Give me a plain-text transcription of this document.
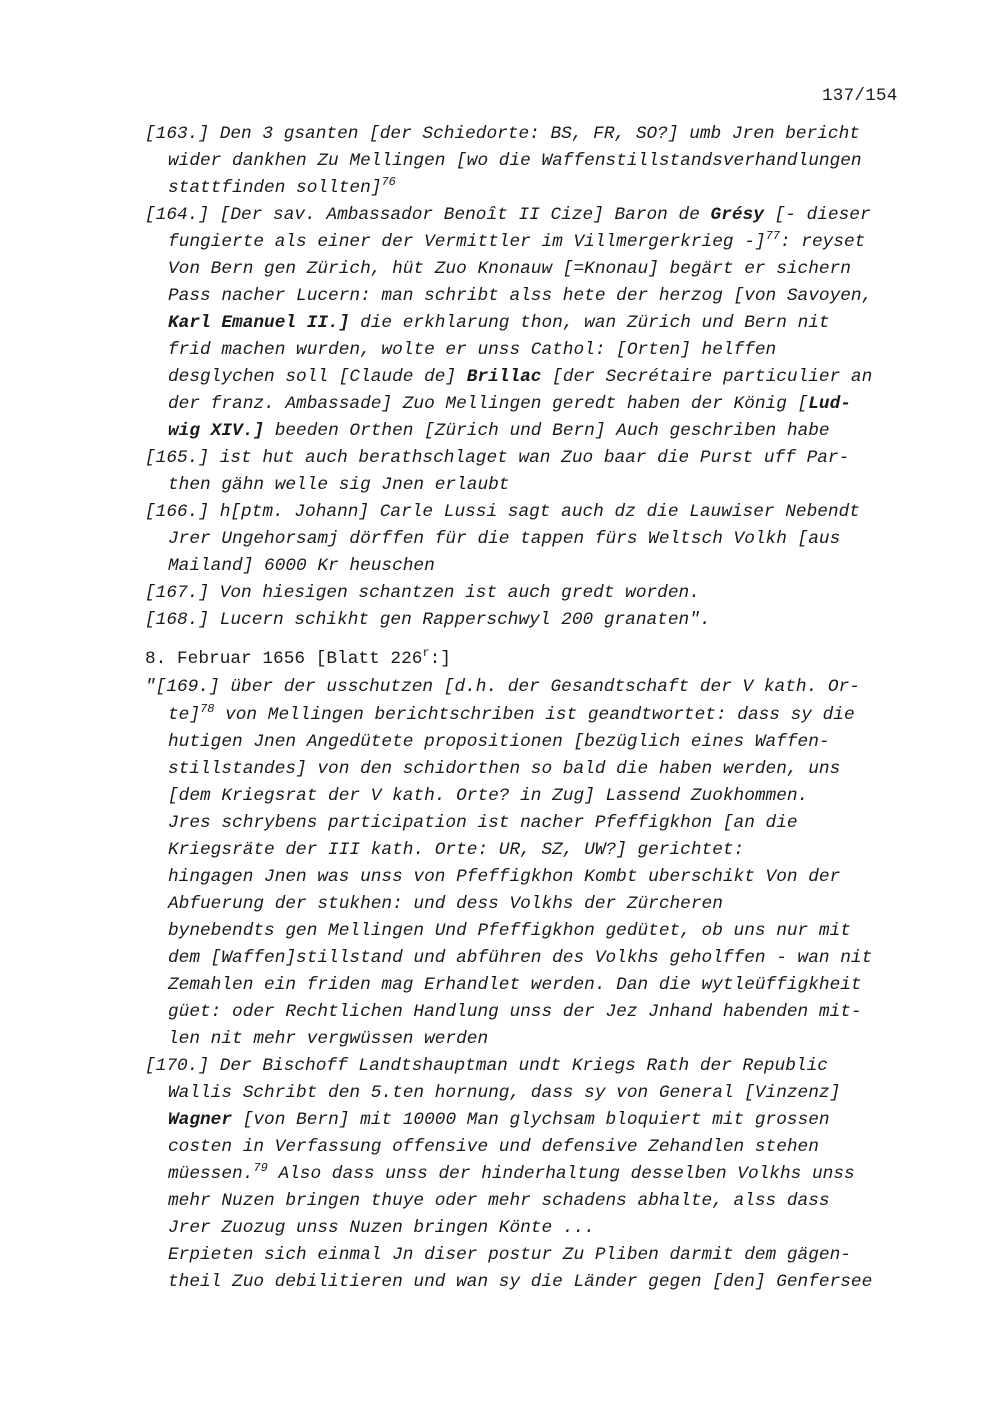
137/154
[163.] Den 3 gsanten [der Schiedorte: BS, FR, SO?] umb Jren bericht
wider dankhen Zu Mellingen [wo die Waffenstillstandsverhandlungen
stattfinden sollten]$^{76}$
[164.] [Der sav. Ambassador Benoît II Cize] Baron de Grésy [- dieser
fungierte als einer der Vermittler im Villmergerkrieg -]$^{77}$: reyset
Von Bern gen Zürich, hüt Zuo Knonauw [=Knonau] begärt er sichern
Pass nacher Lucern: man schribt alss hete der herzog [von Savoyen,
Karl Emanuel II.] die erkhlarung thon, wan Zürich und Bern nit
frid machen wurden, wolte er unss Cathol: [Orten] helffen
desglychen soll [Claude de] Brillac [der Secrétaire particulier an
der franz. Ambassade] Zuo Mellingen geredt haben der König [Lud-
wig XIV.] beeden Orthen [Zürich und Bern] Auch geschriben habe
[165.] ist hut auch berathschlaget wan Zuo baar die Purst uff Par-
then gähn welle sig Jnen erlaubt
[166.] h[ptm. Johann] Carle Lussi sagt auch dz die Lauwiser Nebendt
Jrer Ungehorsamj dörffen für die tappen fürs Weltsch Volkh [aus
Mailand] 6000 Kr heuschen
[167.] Von hiesigen schantzen ist auch gredt worden.
[168.] Lucern schikht gen Rapperschwyl 200 granaten".
8. Februar 1656 [Blatt 226$^r$:]
"[169.] über der usschutzen [d.h. der Gesandtschaft der V kath. Or-
te]$^{78}$ von Mellingen berichtschriben ist geandtwortet: dass sy die
hutigen Jnen Angedütete propositionen [bezüglich eines Waffen-
stillstandes] von den schidorthen so bald die haben werden, uns
[dem Kriegsrat der V kath. Orte? in Zug] Lassend Zuokhommen.
Jres schrybens participation ist nacher Pfeffigkhon [an die
Kriegsräte der III kath. Orte: UR, SZ, UW?] gerichtet:
hingagen Jnen was unss von Pfeffigkhon Kombt uberschikt Von der
Abfuerung der stukhen: und dess Volkhs der Zürcheren
bynebendts gen Mellingen Und Pfeffigkhon gedütet, ob uns nur mit
dem [Waffen]stillstand und abführen des Volkhs geholffen - wan nit
Zemahlen ein friden mag Erhandlet werden. Dan die wytleüffigkheit
güet: oder Rechtlichen Handlung unss der Jez Jnhand habenden mit-
len nit mehr vergwüssen werden
[170.] Der Bischoff Landtshauptman undt Kriegs Rath der Republic
Wallis Schribt den 5.ten hornung, dass sy von General [Vinzenz]
Wagner [von Bern] mit 10000 Man glychsam bloquiert mit grossen
costen in Verfassung offensive und defensive Zehandlen stehen
müessen.$^{79}$ Also dass unss der hinderhaltung desselben Volkhs unss
mehr Nuzen bringen thuye oder mehr schadens abhalte, alss dass
Jrer Zuozug unss Nuzen bringen Könte ...
Erpieten sich einmal Jn diser postur Zu Pliben darmit dem gägen-
theil Zuo debilitieren und wan sy die Länder gegen [den] Genfersee
